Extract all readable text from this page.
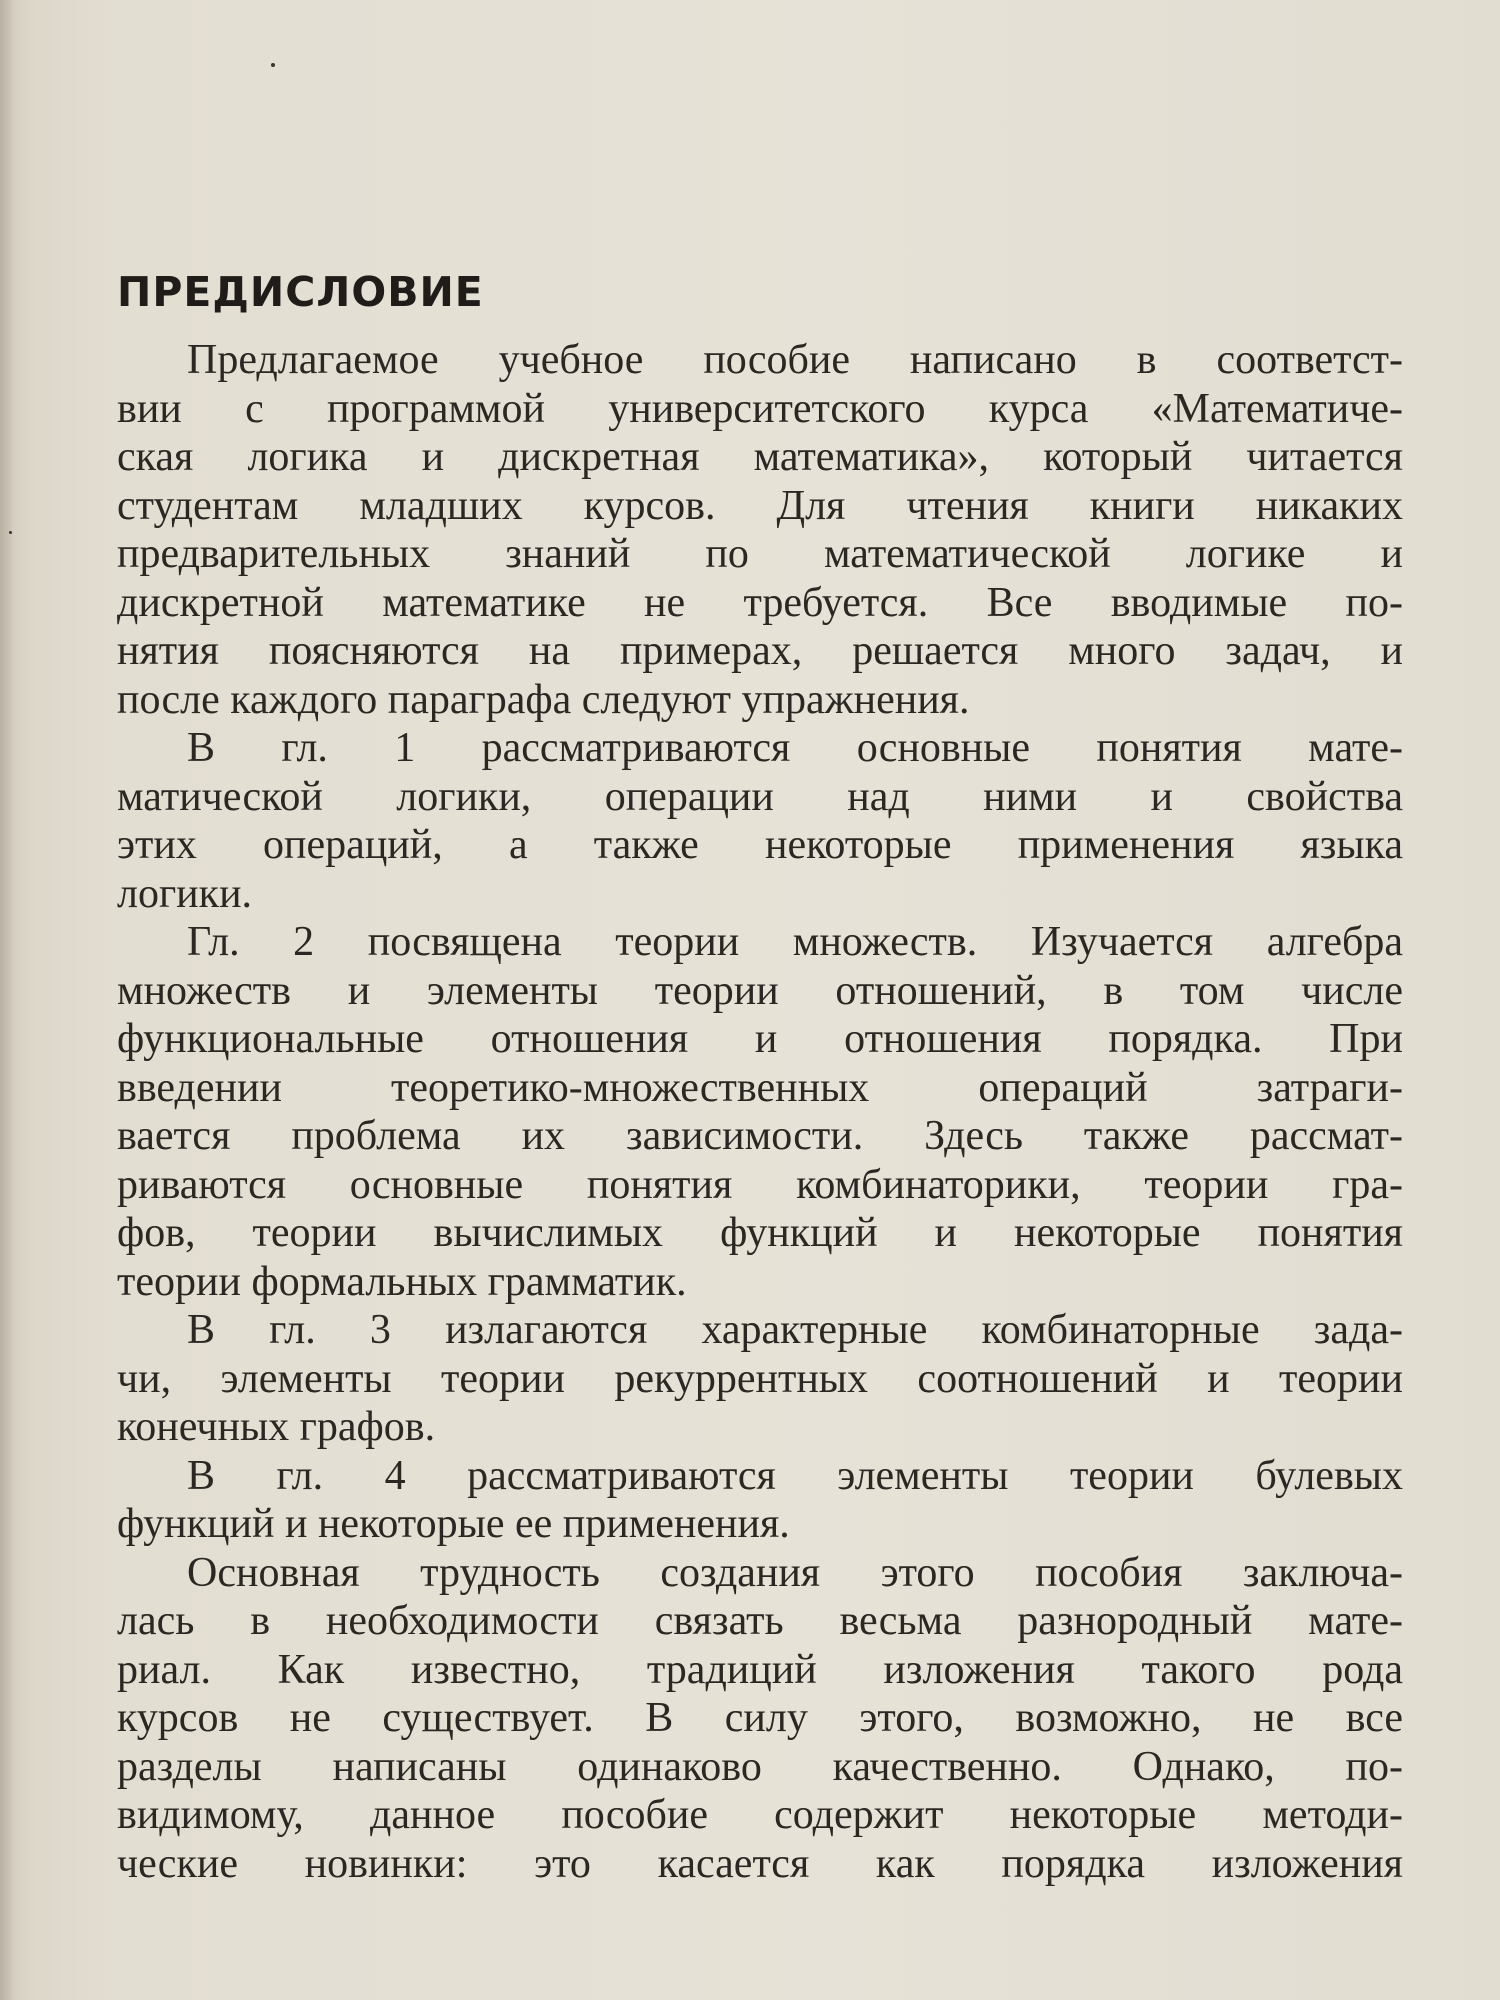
ПРЕДИСЛОВИЕ
Предлагаемое учебное пособие написано в соответст-
вии с программой университетского курса «Математиче-
ская логика и дискретная математика», который читается
студентам младших курсов. Для чтения книги никаких
предварительных знаний по математической логике и
дискретной математике не требуется. Все вводимые по-
нятия поясняются на примерах, решается много задач, и
после каждого параграфа следуют упражнения.
В гл. 1 рассматриваются основные понятия мате-
матической логики, операции над ними и свойства
этих операций, а также некоторые применения языка
логики.
Гл. 2 посвящена теории множеств. Изучается алгебра
множеств и элементы теории отношений, в том числе
функциональные отношения и отношения порядка. При
введении теоретико-множественных операций затраги-
вается проблема их зависимости. Здесь также рассмат-
риваются основные понятия комбинаторики, теории гра-
фов, теории вычислимых функций и некоторые понятия
теории формальных грамматик.
В гл. 3 излагаются характерные комбинаторные зада-
чи, элементы теории рекуррентных соотношений и теории
конечных графов.
В гл. 4 рассматриваются элементы теории булевых
функций и некоторые ее применения.
Основная трудность создания этого пособия заключа-
лась в необходимости связать весьма разнородный мате-
риал. Как известно, традиций изложения такого рода
курсов не существует. В силу этого, возможно, не все
разделы написаны одинаково качественно. Однако, по-
видимому, данное пособие содержит некоторые методи-
ческие новинки: это касается как порядка изложения
